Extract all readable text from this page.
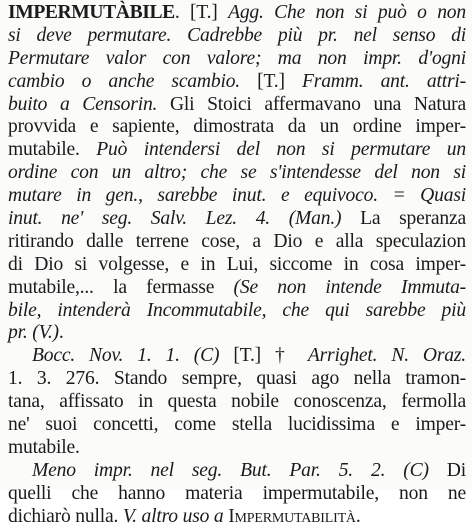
IMPERMUTÀBILE. [T.] Agg. Che non si può o non
si deve permutare. Cadrebbe più pr. nel senso di
Permutare valor con valore; ma non impr. d'ogni
cambio o anche scambio. [T.] Framm. ant. attri-
buito a Censorin. Gli Stoici affermavano una Natura
provvida e sapiente, dimostrata da un ordine imper-
mutabile. Può intendersi del non si permutare un
ordine con un altro; che se s'intendesse del non si
mutare in gen., sarebbe inut. e equivoco. = Quasi
inut. ne' seg. Salv. Lez. 4. (Man.) La speranza
ritirando dalle terrene cose, a Dio e alla speculazion
di Dio si volgesse, e in Lui, siccome in cosa imper-
mutabile,... la fermasse (Se non intende Immuta-
bile, intenderà Incommutabile, che qui sarebbe più
pr. (V.).
Bocc. Nov. 1. 1. (C) [T.] † Arrighet. N. Oraz.
1. 3. 276. Stando sempre, quasi ago nella tramon-
tana, affissato in questa nobile conoscenza, fermolla
ne' suoi concetti, come stella lucidissima e imper-
mutabile.
Meno impr. nel seg. But. Par. 5. 2. (C) Di
quelli che hanno materia impermutabile, non ne
dichiarò nulla. V. altro uso a Impermutabilità.
